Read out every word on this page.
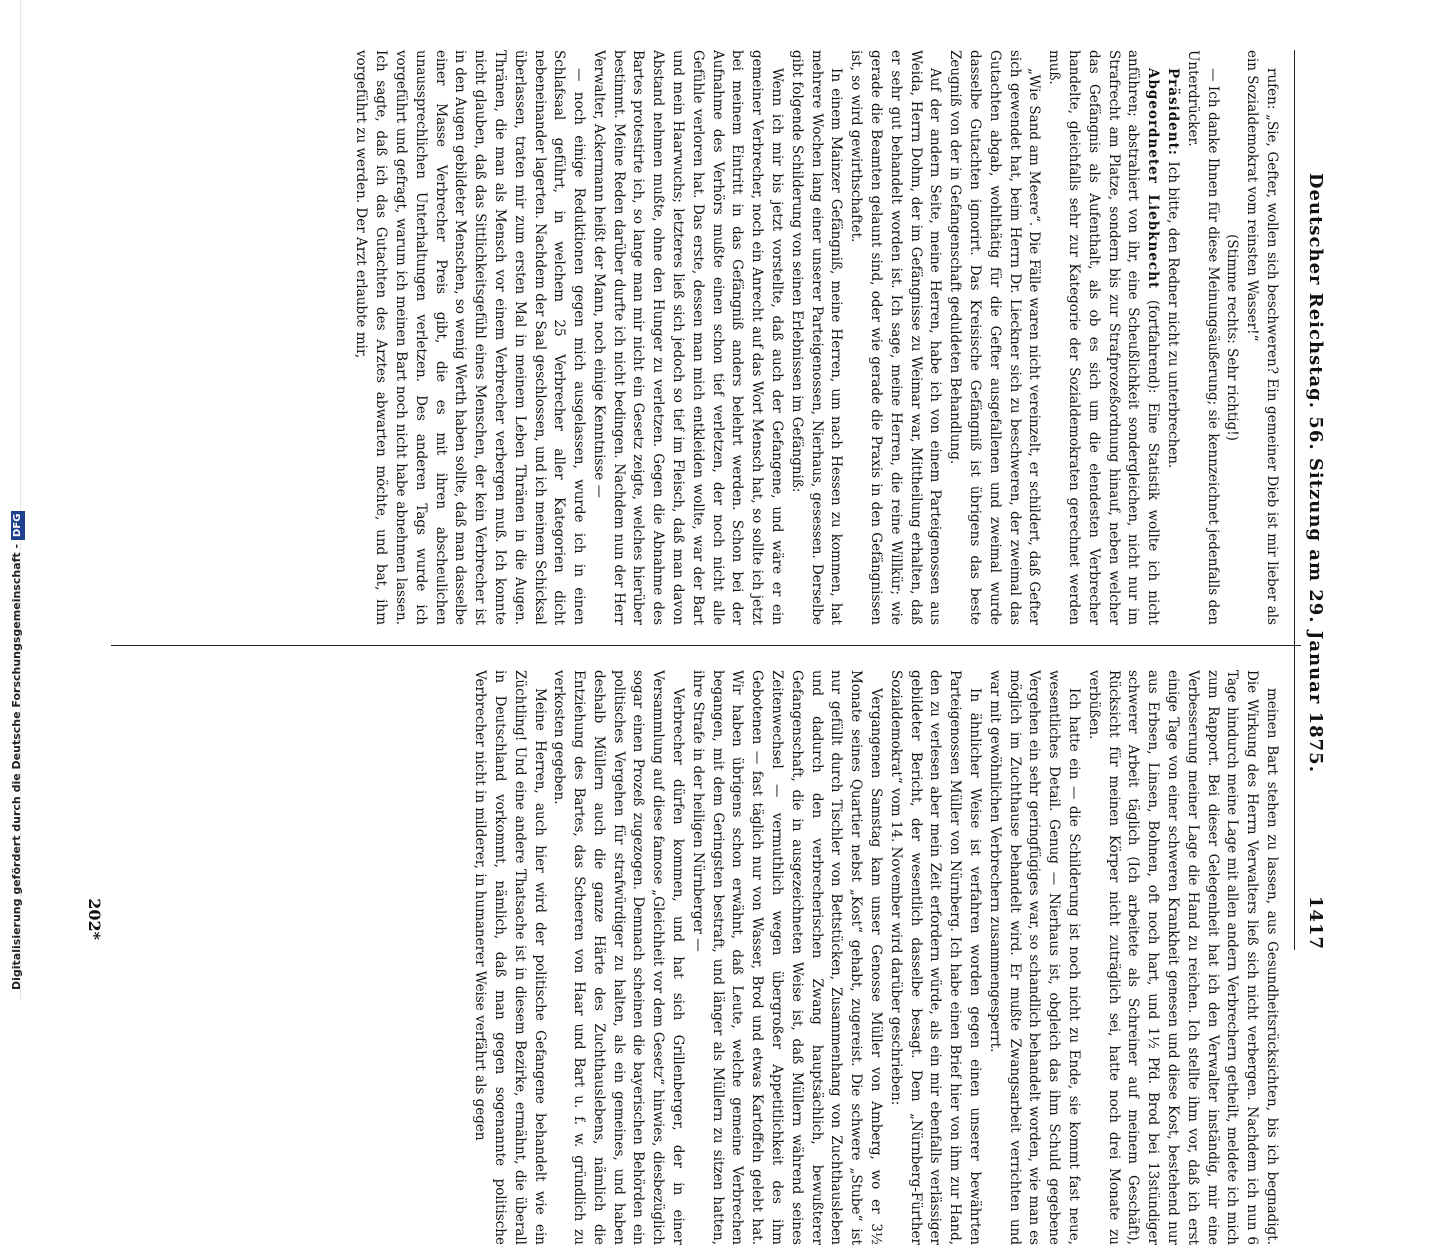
Digitalisierung gefördert durch die Deutsche Forschungsgemeinschaft -DFG	Deutscher Reichstag. 56. Sitzung am 29. Januar 1875.
1417

rufen: „Sie, Gefter, wollen sich beschweren? Ein gemeiner Dieb ist mir lieber als ein Sozialdemokrat vom reinsten Wasser!“

(Stimme rechts: Sehr richtig!)

— Ich danke Ihnen für diese Meinungsäußerung; sie kennzeichnet jedenfalls den Unterdrücker.

Präsident: Ich bitte, den Redner nicht zu unterbrechen.

Abgeordneter Liebknecht (fortfahrend): Eine Statistik wollte ich nicht anführen; abstrahiert von ihr, eine Scheußlichkeit sondergleichen, nicht nur im Strafrecht am Platze, sondern bis zur Strafprozeßordnung hinauf, neben welcher das Gefängnis als Aufenthalt, als ob es sich um die elendesten Verbrecher handelte, gleichfalls sehr zur Kategorie der Sozialdemokraten gerechnet werden muß.

„Wie Sand am Meere“. Die Fälle waren nicht vereinzelt, er schildert, daß Gefter sich gewendet hat, beim Herrn Dr. Lieckner sich zu beschweren, der zweimal das Gutachten abgab, wohlthätig für die Gefter ausgefallenen und zweimal wurde dasselbe Gutachten ignorirt. Das Kreisische Gefängniß ist übrigens das beste Zeugniß von der in Gefangenschaft geduldeten Behandlung.

Auf der andern Seite, meine Herren, habe ich von einem Parteigenossen aus Weida, Herrn Dohm, der im Gefängnisse zu Weimar war, Mittheilung erhalten, daß er sehr gut behandelt worden ist. Ich sage, meine Herren, die reine Willkür; wie gerade die Beamten gelaunt sind, oder wie gerade die Praxis in den Gefängnissen ist, so wird gewirthschaftet.

In einem Mainzer Gefängniß, meine Herren, um nach Hessen zu kommen, hat mehrere Wochen lang einer unserer Parteigenossen, Nierhaus, gesessen. Derselbe gibt folgende Schilderung von seinen Erlebnissen im Gefängniß:

Wenn ich mir bis jetzt vorstellte, daß auch der Gefangene, und wäre er ein gemeiner Verbrecher, noch ein Anrecht auf das Wort Mensch hat, so sollte ich jetzt bei meinem Eintritt in das Gefängniß anders belehrt werden. Schon bei der Aufnahme des Verhörs mußte einen schon tief verletzen, der noch nicht alle Gefühle verloren hat. Das erste, dessen man mich entkleiden wollte, war der Bart und mein Haarwuchs; letzteres ließ sich jedoch so tief im Fleisch, daß man davon Abstand nehmen mußte, ohne den Hunger zu verletzen. Gegen die Abnahme des Bartes protestirte ich, so lange man mir nicht ein Gesetz zeigte, welches hierüber bestimmt. Meine Reden darüber durfte ich nicht bedingen. Nachdem nun der Herr Verwalter, Ackermann heißt der Mann, noch einige Kenntnisse —

— noch einige Reduktionen gegen mich ausgelassen, wurde ich in einen Schlafsaal geführt, in welchem 25 Verbrecher aller Kategorien dicht nebeneinander lagerten. Nachdem der Saal geschlossen, und ich meinem Schicksal überlassen, traten mir zum ersten Mal in meinem Leben Thränen in die Augen. Thränen, die man als Mensch vor einem Verbrecher verbergen muß. Ich konnte nicht glauben, daß das Sittlichkeitsgefühl eines Menschen, der kein Verbrecher ist in den Augen gebildeter Menschen, so wenig Werth haben sollte, daß man dasselbe einer Masse Verbrecher Preis gibt, die es mit ihren abscheulichen unaussprechlichen Unterhaltungen verletzen. Des anderen Tags wurde ich vorgeführt und gefragt, warum ich meinen Bart noch nicht habe abnehmen lassen. Ich sagte, daß ich das Gutachten des Arztes abwarten möchte, und bat, ihm vorgeführt zu werden. Der Arzt erlaubte mir,

meinen Bart stehen zu lassen, aus Gesundheitsrücksichten, bis ich begnadigt. Die Wirkung des Herrn Verwalters ließ sich nicht verbergen. Nachdem ich nun 6 Tage hindurch meine Lage mit allen andern Verbrechern getheilt, meldete ich mich zum Rapport. Bei dieser Gelegenheit hat ich den Verwalter inständig, mir eine Verbesserung meiner Lage die Hand zu reichen. Ich stellte ihm vor, daß ich erst einige Tage von einer schweren Krankheit genesen und diese Kost, bestehend nur aus Erbsen, Linsen, Bohnen, oft noch hart, und 1½ Pfd. Brod bei 13stündiger schwerer Arbeit täglich (Ich arbeitete als Schreiner auf meinem Geschäft), Rücksicht für meinen Körper nicht zuträglich sei, hatte noch drei Monate zu verbüßen.

Ich hatte ein — die Schilderung ist noch nicht zu Ende, sie kommt fast neue, wesentliches Detail. Genug — Nierhaus ist, obgleich das ihm Schuld gegebene Vergehen ein sehr geringfügiges war, so schandlich behandelt worden, wie man es möglich im Zuchthause behandelt wird. Er mußte Zwangsarbeit verrichten und war mit gewöhnlichen Verbrechern zusammengesperrt.

In ähnlicher Weise ist verfahren worden gegen einen unserer bewährten Parteigenossen Müller von Nürnberg. Ich habe einen Brief hier von ihm zur Hand, den zu verlesen aber mein Zeit erfordern würde, als ein mir ebenfalls verlässiger gebildeter Bericht, der wesentlich dasselbe besagt. Dem „Nürnberg-Fürther Sozialdemokrat“ vom 14. November wird darüber geschrieben:

Vergangenen Samstag kam unser Genosse Müller von Amberg, wo er 3½ Monate seines Quartier nebst „Kost“ gehabt, zugereist. Die schwere „Stube“ ist nur gefüllt durch Tischler von Bettstücken, Zusammenhang von Zuchthausleben und dadurch den verbrecherischen Zwang hauptsächlich, bewußterer Gefangenschaft, die in ausgezeichneten Weise ist, daß Müllern während seines Zeitenwechsel — vermuthlich wegen übergroßer Appetitlichkeit des ihm Gebotenen — fast täglich nur von Wasser, Brod und etwas Kartoffeln gelebt hat. Wir haben übrigens schon erwähnt, daß Leute, welche gemeine Verbrechen begangen, mit dem Geringsten bestraft, und länger als Müllern zu sitzen hatten, ihre Strafe in der heiligen Nürnberger —

Verbrecher dürfen kommen, und hat sich Grillenberger, der in einer Versammlung auf diese famose „Gleichheit vor dem Gesetz“ hinwies, diesbezüglich sogar einen Prozeß zugezogen. Demnach scheinen die bayerischen Behörden ein politisches Vergehen für strafwürdiger zu halten, als ein gemeines, und haben deshalb Müllern auch die ganze Härte des Zuchthauslebens, nämlich die Entziehung des Bartes, das Scheeren von Haar und Bart u. f. w. gründlich zu verkosten gegeben.

Meine Herren, auch hier wird der politische Gefangene behandelt wie ein Züchtling! Und eine andere Thatsache ist in diesem Bezirke, ermähnt, die überall in Deutschland vorkommt, nämlich, daß man gegen sogenannte politische Verbrecher nicht in milderer, in humanerer Weise verfährt als gegen

202*
